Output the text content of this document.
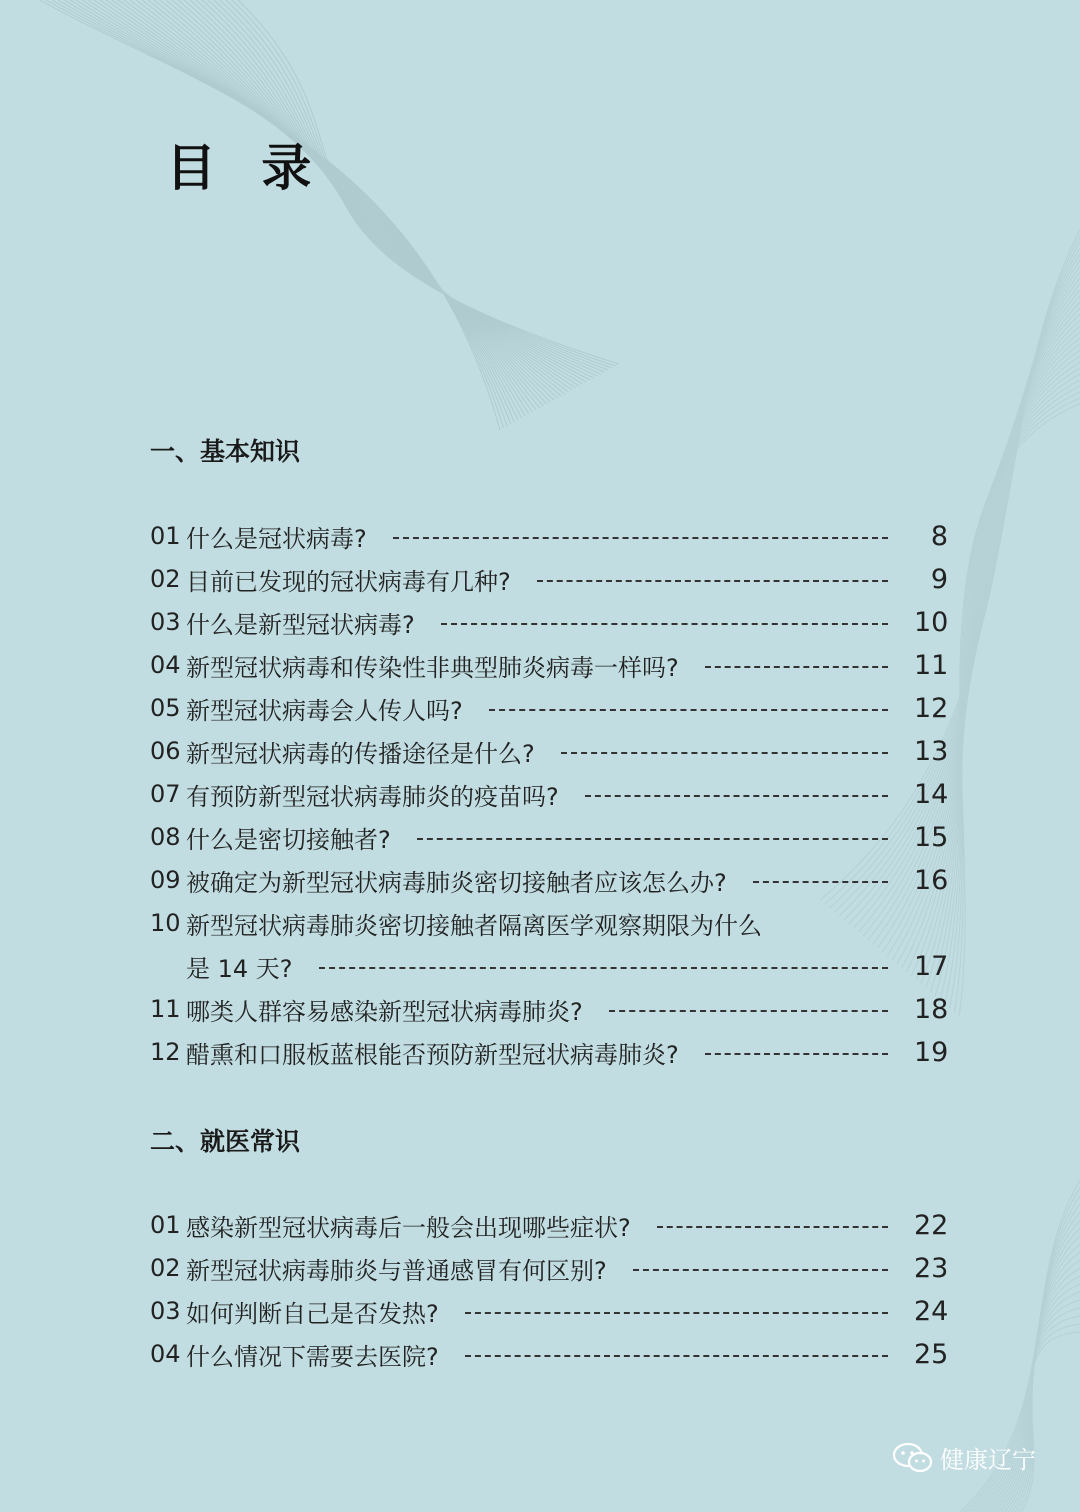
目 录
一、基本知识
01 什么是冠状病毒?	8
02 目前已发现的冠状病毒有几种?	9
03 什么是新型冠状病毒?	10
04 新型冠状病毒和传染性非典型肺炎病毒一样吗?	11
05 新型冠状病毒会人传人吗?	12
06 新型冠状病毒的传播途径是什么?	13
07 有预防新型冠状病毒肺炎的疫苗吗?	14
08 什么是密切接触者?	15
09 被确定为新型冠状病毒肺炎密切接触者应该怎么办?	16
10 新型冠状病毒肺炎密切接触者隔离医学观察期限为什么
是 14 天?	17
11 哪类人群容易感染新型冠状病毒肺炎?	18
12 醋熏和口服板蓝根能否预防新型冠状病毒肺炎?	19
二、就医常识
01 感染新型冠状病毒后一般会出现哪些症状?	22
02 新型冠状病毒肺炎与普通感冒有何区别?	23
03 如何判断自己是否发热?	24
04 什么情况下需要去医院?	25
健康辽宁
